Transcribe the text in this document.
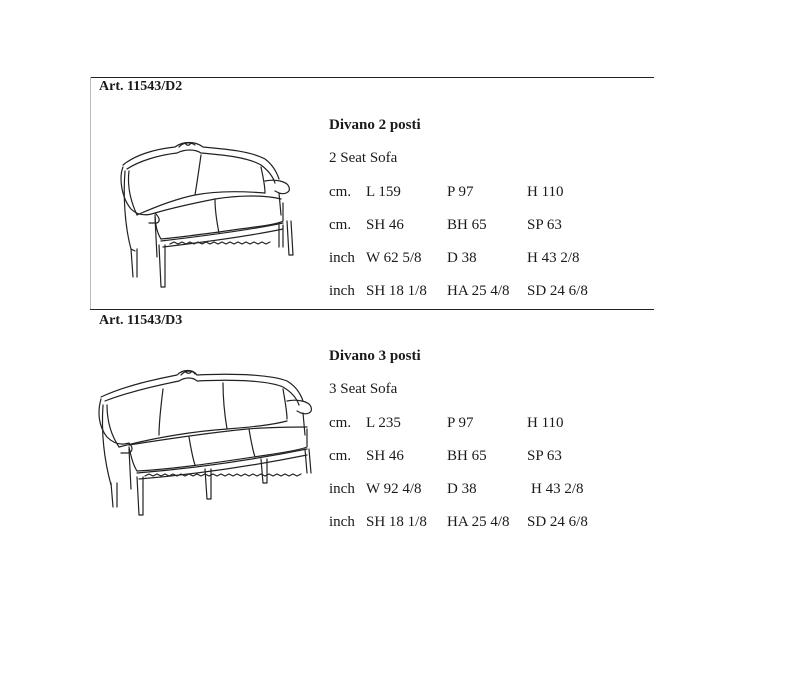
Art. 11543/D2
Divano 2 posti
2 Seat Sofa
cm. L 159	P 97	H 110
cm. SH 46	BH 65	SP 63
inch W 62 5/8 D 38	H 43 2/8
inch SH 18 1/8 HA 25 4/8 SD 24 6/8
Art. 11543/D3
Divano 3 posti
3 Seat Sofa
cm. L 235	P 97	H 110
cm. SH 46	BH 65	SP 63
inch W 92 4/8 D 38	H 43 2/8
inch SH 18 1/8 HA 25 4/8 SD 24 6/8
